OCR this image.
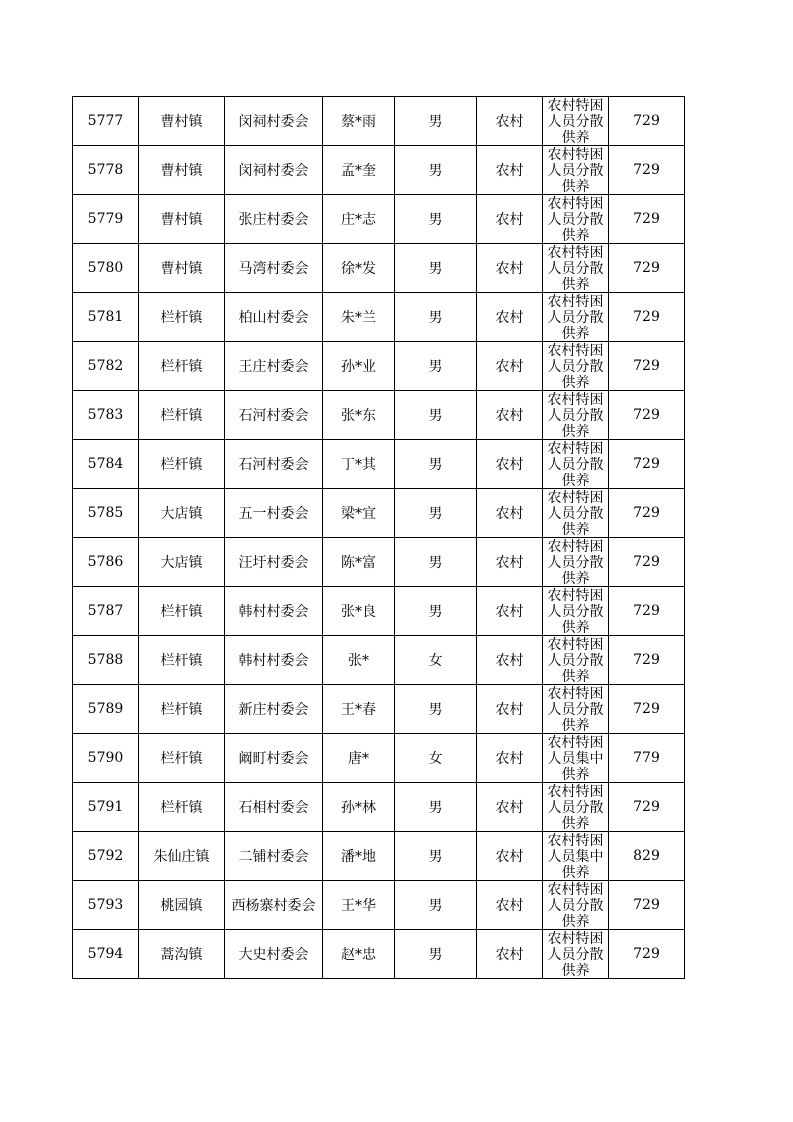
5777	曹村镇	闵祠村委会	蔡*雨	男	农村	农村特困人员分散供养	729
5778	曹村镇	闵祠村委会	孟*奎	男	农村	农村特困人员分散供养	729
5779	曹村镇	张庄村委会	庄*志	男	农村	农村特困人员分散供养	729
5780	曹村镇	马湾村委会	徐*发	男	农村	农村特困人员分散供养	729
5781	栏杆镇	柏山村委会	朱*兰	男	农村	农村特困人员分散供养	729
5782	栏杆镇	王庄村委会	孙*业	男	农村	农村特困人员分散供养	729
5783	栏杆镇	石河村委会	张*东	男	农村	农村特困人员分散供养	729
5784	栏杆镇	石河村委会	丁*其	男	农村	农村特困人员分散供养	729
5785	大店镇	五一村委会	梁*宜	男	农村	农村特困人员分散供养	729
5786	大店镇	汪圩村委会	陈*富	男	农村	农村特困人员分散供养	729
5787	栏杆镇	韩村村委会	张*良	男	农村	农村特困人员分散供养	729
5788	栏杆镇	韩村村委会	张*	女	农村	农村特困人员分散供养	729
5789	栏杆镇	新庄村委会	王*春	男	农村	农村特困人员分散供养	729
5790	栏杆镇	阚町村委会	唐*	女	农村	农村特困人员集中供养	779
5791	栏杆镇	石相村委会	孙*林	男	农村	农村特困人员分散供养	729
5792	朱仙庄镇	二铺村委会	潘*地	男	农村	农村特困人员集中供养	829
5793	桃园镇	西杨寨村委会	王*华	男	农村	农村特困人员分散供养	729
5794	蒿沟镇	大史村委会	赵*忠	男	农村	农村特困人员分散供养	729
